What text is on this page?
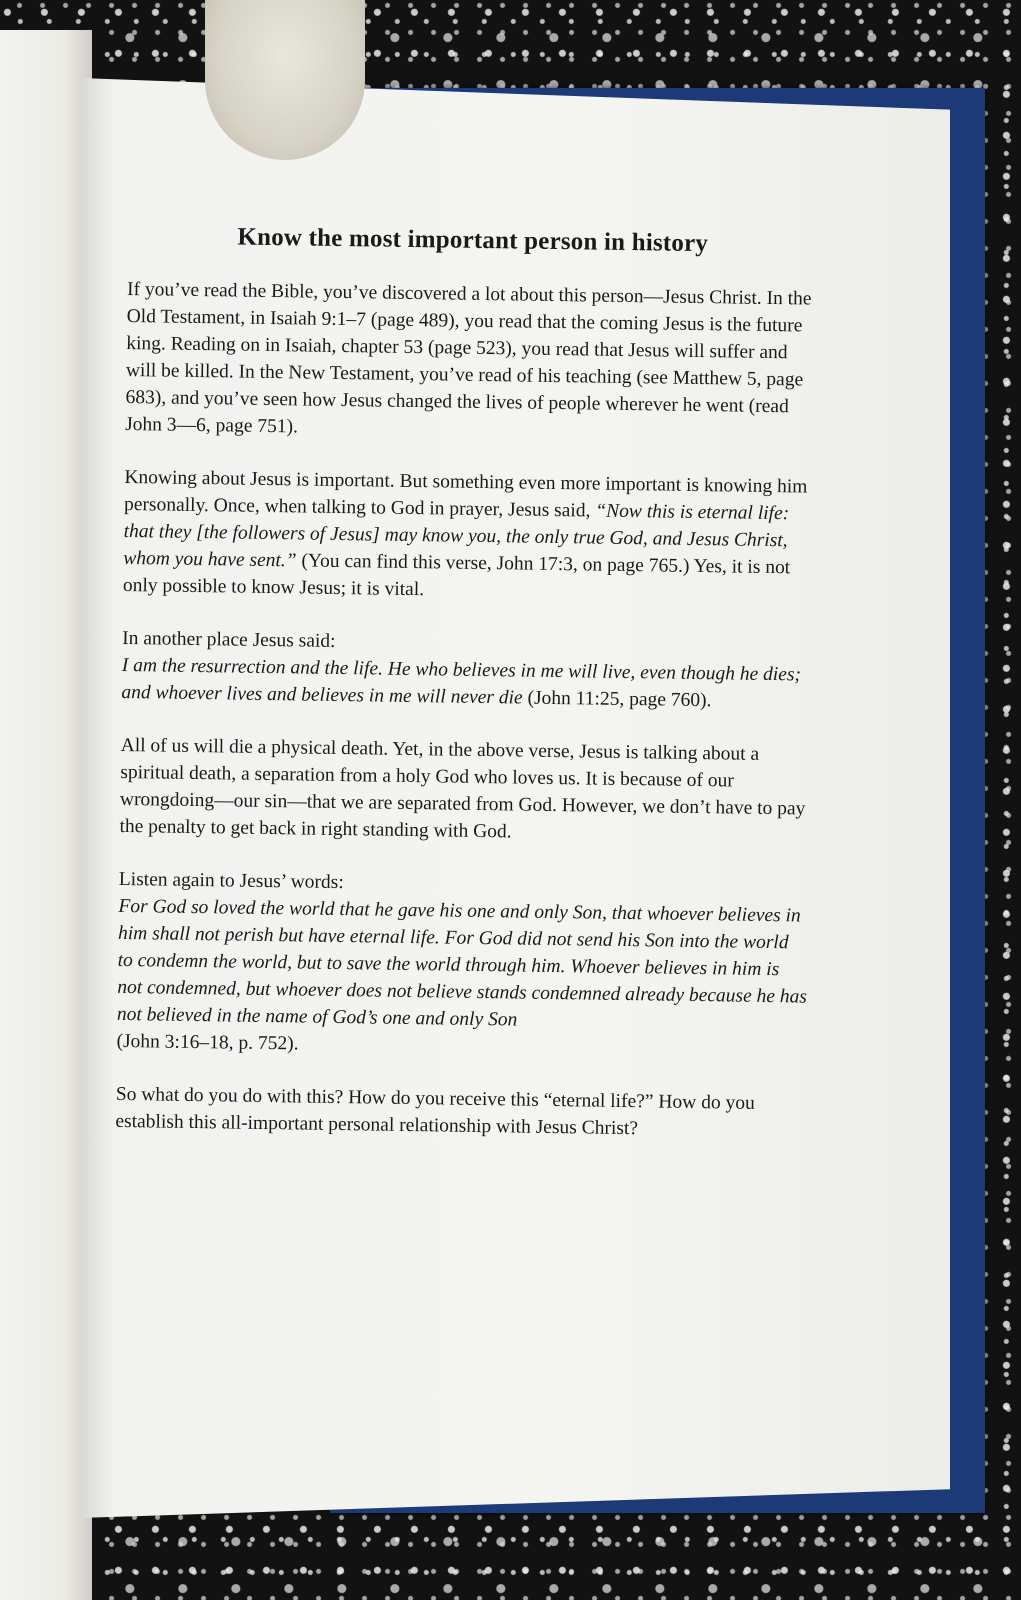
Know the most important person in history

If you’ve read the Bible, you’ve discovered a lot about this person—Jesus Christ. In the Old Testament, in Isaiah 9:1–7 (page 489), you read that the coming Jesus is the future king. Reading on in Isaiah, chapter 53 (page 523), you read that Jesus will suffer and will be killed. In the New Testament, you’ve read of his teaching (see Matthew 5, page 683), and you’ve seen how Jesus changed the lives of people wherever he went (read John 3—6, page 751).

Knowing about Jesus is important. But something even more important is knowing him personally. Once, when talking to God in prayer, Jesus said, “Now this is eternal life: that they [the followers of Jesus] may know you, the only true God, and Jesus Christ, whom you have sent.” (You can find this verse, John 17:3, on page 765.) Yes, it is not only possible to know Jesus; it is vital.

In another place Jesus said:
I am the resurrection and the life. He who believes in me will live, even though he dies; and whoever lives and believes in me will never die (John 11:25, page 760).

All of us will die a physical death. Yet, in the above verse, Jesus is talking about a spiritual death, a separation from a holy God who loves us. It is because of our wrongdoing—our sin—that we are separated from God. However, we don’t have to pay the penalty to get back in right standing with God.

Listen again to Jesus’ words:
For God so loved the world that he gave his one and only Son, that whoever believes in him shall not perish but have eternal life. For God did not send his Son into the world to condemn the world, but to save the world through him. Whoever believes in him is not condemned, but whoever does not believe stands condemned already because he has not believed in the name of God’s one and only Son
(John 3:16–18, p. 752).

So what do you do with this? How do you receive this “eternal life?” How do you establish this all-important personal relationship with Jesus Christ?
